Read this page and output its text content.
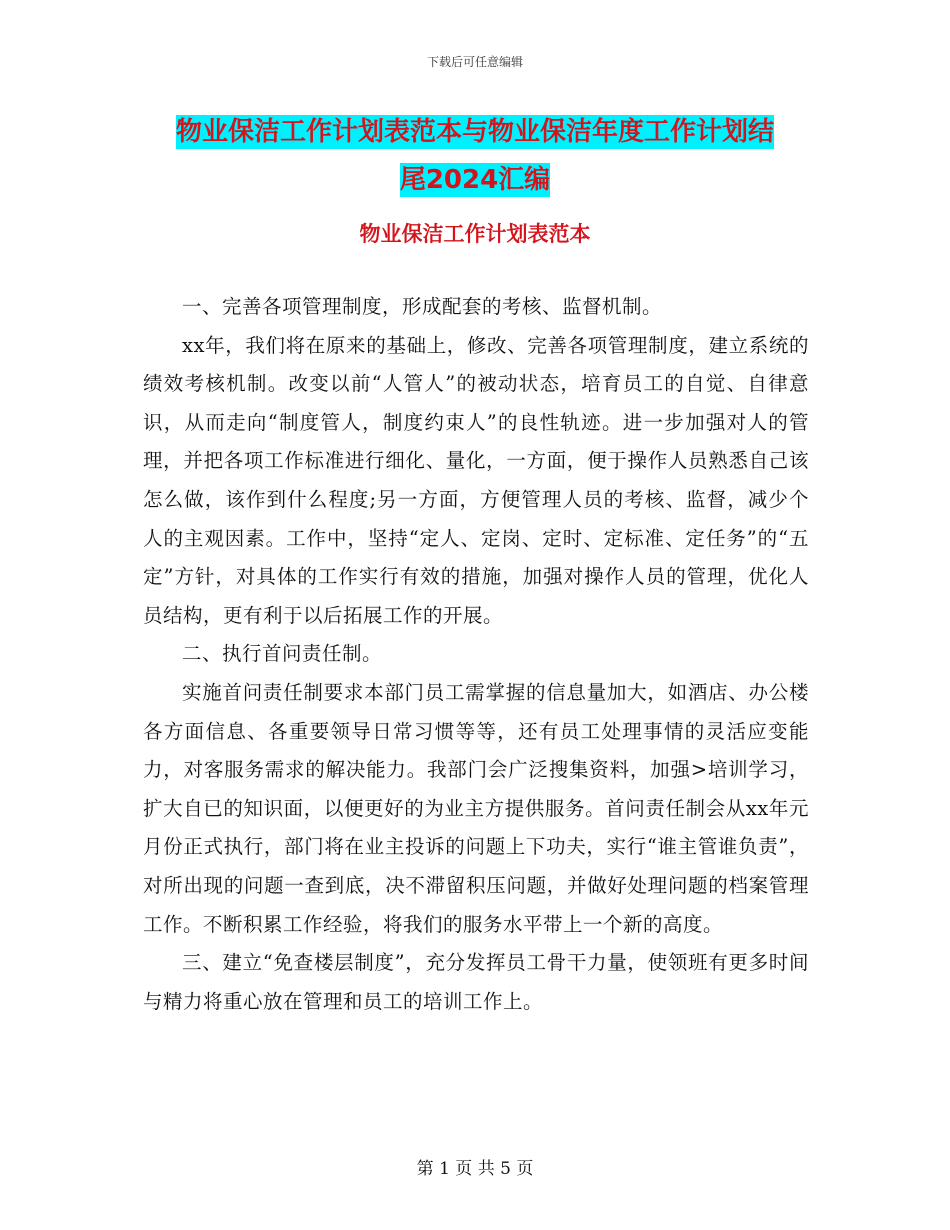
下载后可任意编辑
物业保洁工作计划表范本与物业保洁年度工作计划结
尾2024汇编
物业保洁工作计划表范本

一、完善各项管理制度，形成配套的考核、监督机制。

xx年，我们将在原来的基础上，修改、完善各项管理制度，建立系统的绩效考核机制。改变以前“人管人”的被动状态，培育员工的自觉、自律意识，从而走向“制度管人，制度约束人”的良性轨迹。进一步加强对人的管理，并把各项工作标准进行细化、量化，一方面，便于操作人员熟悉自己该怎么做，该作到什么程度;另一方面，方便管理人员的考核、监督，减少个人的主观因素。工作中，坚持“定人、定岗、定时、定标准、定任务”的“五定”方针，对具体的工作实行有效的措施，加强对操作人员的管理，优化人员结构，更有利于以后拓展工作的开展。

二、执行首问责任制。

实施首问责任制要求本部门员工需掌握的信息量加大，如酒店、办公楼各方面信息、各重要领导日常习惯等等，还有员工处理事情的灵活应变能力，对客服务需求的解决能力。我部门会广泛搜集资料，加强>培训学习，扩大自已的知识面，以便更好的为业主方提供服务。首问责任制会从xx年元月份正式执行，部门将在业主投诉的问题上下功夫，实行“谁主管谁负责”，对所出现的问题一查到底，决不滞留积压问题，并做好处理问题的档案管理工作。不断积累工作经验，将我们的服务水平带上一个新的高度。

三、建立“免查楼层制度”，充分发挥员工骨干力量，使领班有更多时间与精力将重心放在管理和员工的培训工作上。

第 1 页 共 5 页
